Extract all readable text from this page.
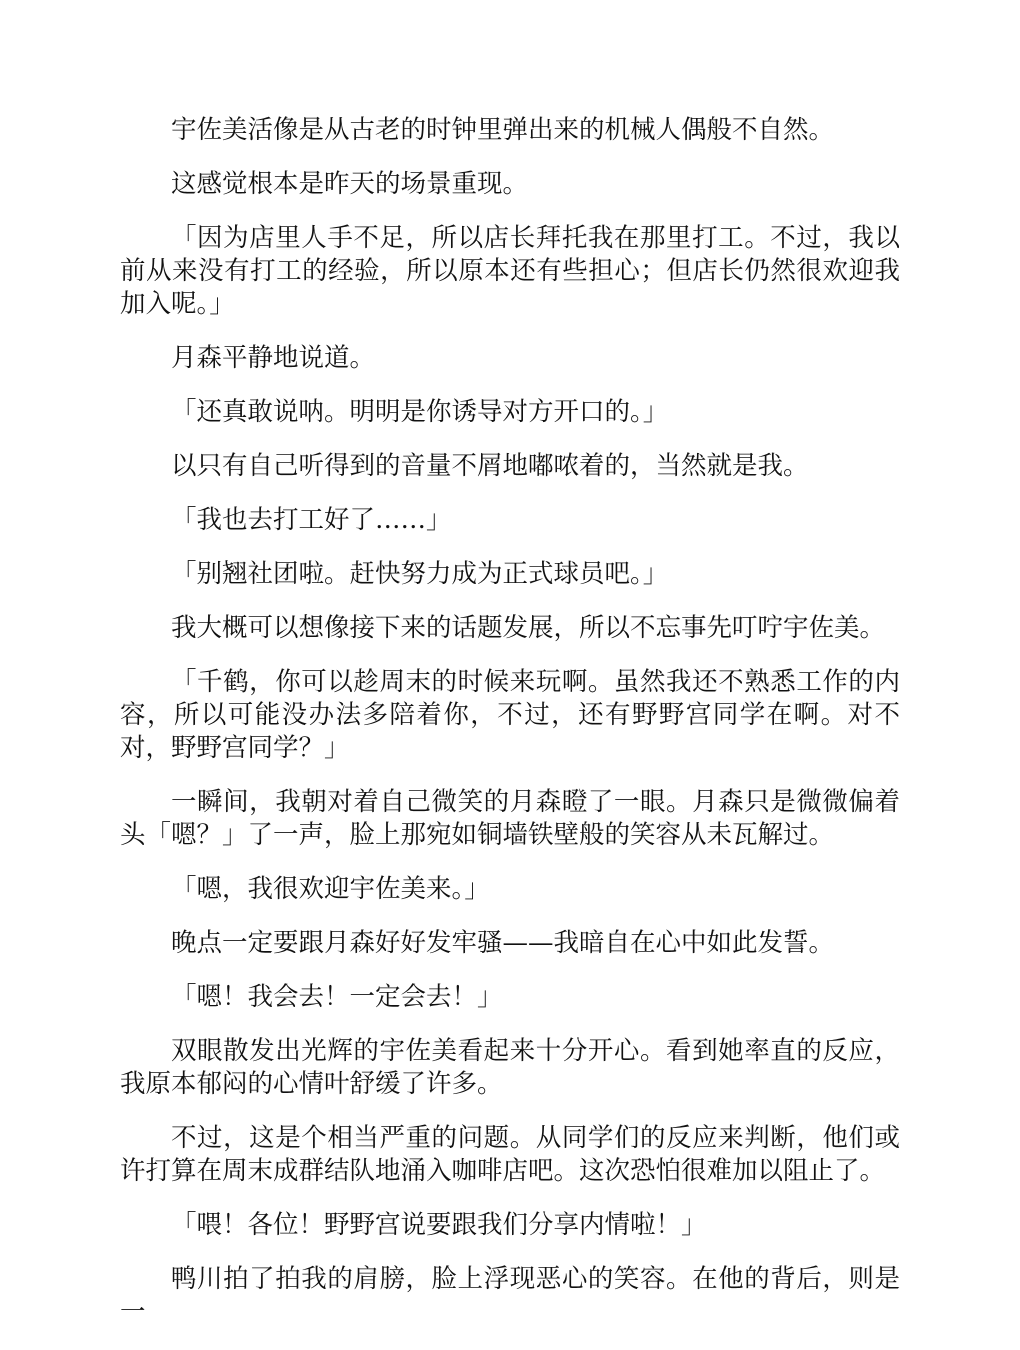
宇佐美活像是从古老的时钟里弹出来的机械人偶般不自然。

这感觉根本是昨天的场景重现。

「因为店里人手不足，所以店长拜托我在那里打工。不过，我以前从来没有打工的经验，所以原本还有些担心；但店长仍然很欢迎我加入呢。」

月森平静地说道。

「还真敢说呐。明明是你诱导对方开口的。」

以只有自己听得到的音量不屑地嘟哝着的，当然就是我。

「我也去打工好了……」

「别翘社团啦。赶快努力成为正式球员吧。」

我大概可以想像接下来的话题发展，所以不忘事先叮咛宇佐美。

「千鹤，你可以趁周末的时候来玩啊。虽然我还不熟悉工作的内容，所以可能没办法多陪着你，不过，还有野野宫同学在啊。对不对，野野宫同学？」

一瞬间，我朝对着自己微笑的月森瞪了一眼。月森只是微微偏着头「嗯？」了一声，脸上那宛如铜墙铁壁般的笑容从未瓦解过。

「嗯，我很欢迎宇佐美来。」

晚点一定要跟月森好好发牢骚——我暗自在心中如此发誓。

「嗯！我会去！一定会去！」

双眼散发出光辉的宇佐美看起来十分开心。看到她率直的反应，我原本郁闷的心情叶舒缓了许多。

不过，这是个相当严重的问题。从同学们的反应来判断，他们或许打算在周末成群结队地涌入咖啡店吧。这次恐怕很难加以阻止了。

「喂！各位！野野宫说要跟我们分享内情啦！」

鸭川拍了拍我的肩膀，脸上浮现恶心的笑容。在他的背后，则是一
